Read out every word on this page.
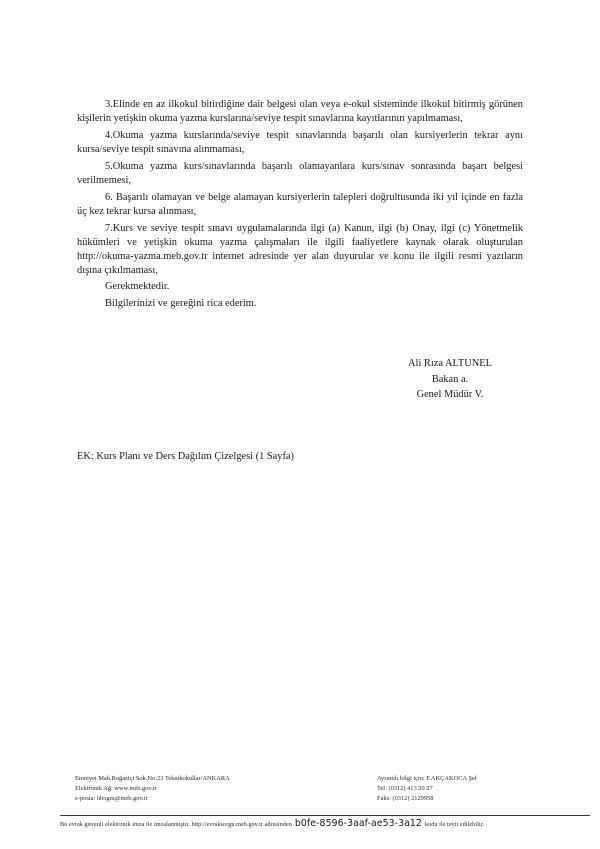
3.Elinde en az ilkokul bitirdiğine dair belgesi olan veya e-okul sisteminde ilkokul bitirmiş görünen kişilerin yetişkin okuma yazma kurslarına/seviye tespit sınavlarına kayıtlarının yapılmaması,

4.Okuma yazma kurslarında/seviye tespit sınavlarında başarılı olan kursiyerlerin tekrar aynı kursa/seviye tespit sınavına alınmaması,

5.Okuma yazma kurs/sınavlarında başarılı olamayanlara kurs/sınav sonrasında başarı belgesi verilmemesi,

6. Başarılı olamayan ve belge alamayan kursiyerlerin talepleri doğrultusunda iki yıl içinde en fazla üç kez tekrar kursa alınması,

7.Kurs ve seviye tespit sınavı uygulamalarında ilgi (a) Kanun, ilgi (b) Onay, ilgi (c) Yönetmelik hükümleri ve yetişkin okuma yazma çalışmaları ile ilgili faaliyetlere kaynak olarak oluşturulan http://okuma-yazma.meb.gov.tr internet adresinde yer alan duyurular ve konu ile ilgili resmi yazıların dışına çıkılmaması,

Gerekmektedir.

Bilgilerinizi ve gereğini rica ederim.

Ali Rıza ALTUNEL
Bakan a.
Genel Müdür V.
EK: Kurs Planı ve Ders Dağılım Çizelgesi (1 Sayfa)
Emniyet Mah.Boğaziçi Sok.No:23 Teknikokullar/ANKARA
Elektronik Ağ: www.meb.gov.tr
e-posta: hbogm@meb.gov.tr
Ayrıntılı bilgi için: F.AKÇAKOCA Şef
Tel: (0312) 413 20 27
Faks: (0312) 2129958
Bu evrak güvenli elektronik imza ile imzalanmıştır. http://evraksorgu.meb.gov.tr adresinden b0fe-8596-3aaf-ae53-3a12 kodu ile teyit edilebilir.
